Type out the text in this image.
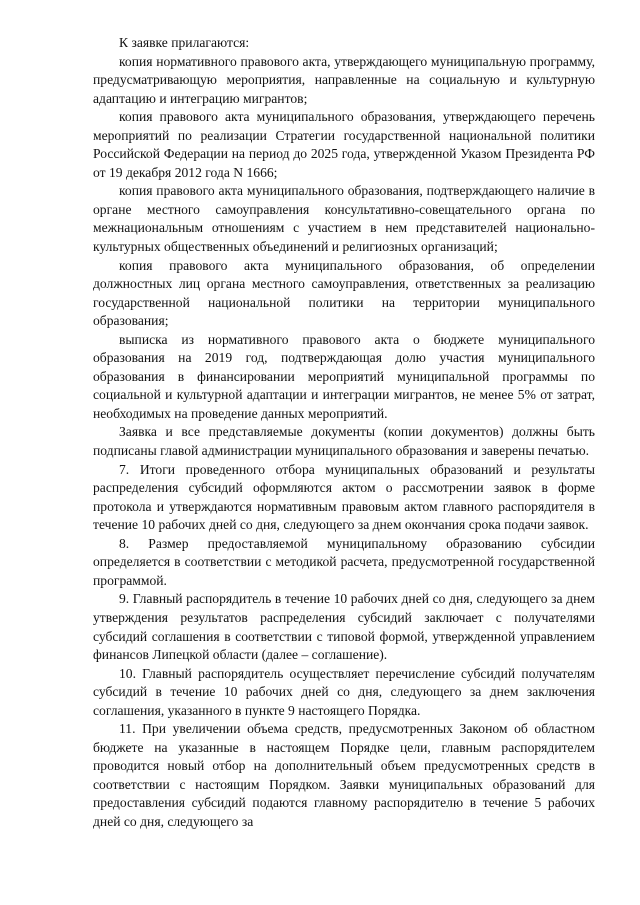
К заявке прилагаются:

копия нормативного правового акта, утверждающего муниципальную программу, предусматривающую мероприятия, направленные на социальную и культурную адаптацию и интеграцию мигрантов;

копия правового акта муниципального образования, утверждающего перечень мероприятий по реализации Стратегии государственной национальной политики Российской Федерации на период до 2025 года, утвержденной Указом Президента РФ от 19 декабря 2012 года N 1666;

копия правового акта муниципального образования, подтверждающего наличие в органе местного самоуправления консультативно-совещательного органа по межнациональным отношениям с участием в нем представителей национально-культурных общественных объединений и религиозных организаций;

копия правового акта муниципального образования, об определении должностных лиц органа местного самоуправления, ответственных за реализацию государственной национальной политики на территории муниципального образования;

выписка из нормативного правового акта о бюджете муниципального образования на 2019 год, подтверждающая долю участия муниципального образования в финансировании мероприятий муниципальной программы по социальной и культурной адаптации и интеграции мигрантов, не менее 5% от затрат, необходимых на проведение данных мероприятий.

Заявка и все представляемые документы (копии документов) должны быть подписаны главой администрации муниципального образования и заверены печатью.

7. Итоги проведенного отбора муниципальных образований и результаты распределения субсидий оформляются актом о рассмотрении заявок в форме протокола и утверждаются нормативным правовым актом главного распорядителя в течение 10 рабочих дней со дня, следующего за днем окончания срока подачи заявок.

8. Размер предоставляемой муниципальному образованию субсидии определяется в соответствии с методикой расчета, предусмотренной государственной программой.

9. Главный распорядитель в течение 10 рабочих дней со дня, следующего за днем утверждения результатов распределения субсидий заключает с получателями субсидий соглашения в соответствии с типовой формой, утвержденной управлением финансов Липецкой области (далее – соглашение).

10. Главный распорядитель осуществляет перечисление субсидий получателям субсидий в течение 10 рабочих дней со дня, следующего за днем заключения соглашения, указанного в пункте 9 настоящего Порядка.

11. При увеличении объема средств, предусмотренных Законом об областном бюджете на указанные в настоящем Порядке цели, главным распорядителем проводится новый отбор на дополнительный объем предусмотренных средств в соответствии с настоящим Порядком. Заявки муниципальных образований для предоставления субсидий подаются главному распорядителю в течение 5 рабочих дней со дня, следующего за
